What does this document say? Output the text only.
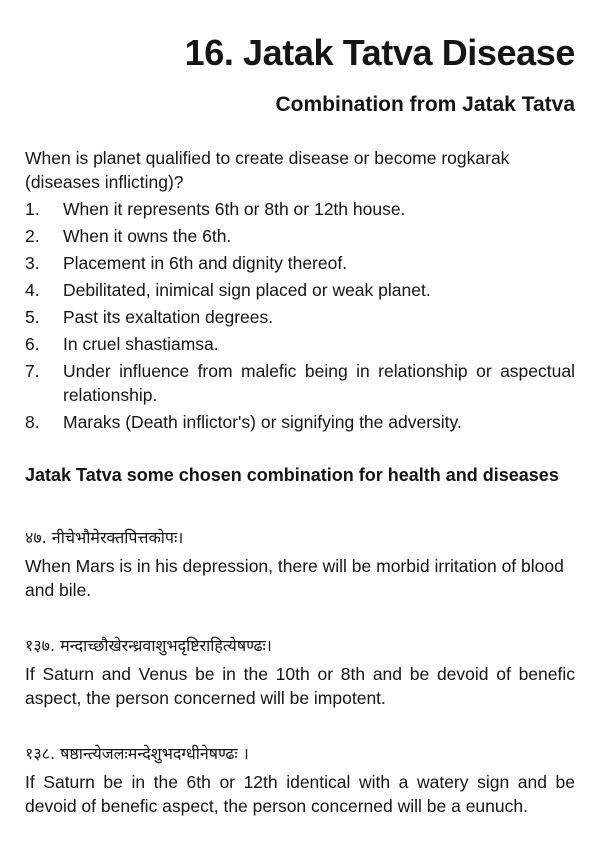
16. Jatak Tatva Disease
Combination from Jatak Tatva

When is planet qualified to create disease or become rogkarak (diseases inflicting)?

1.	When it represents 6th or 8th or 12th house.
2.	When it owns the 6th.
3.	Placement in 6th and dignity thereof.
4.	Debilitated, inimical sign placed or weak planet.
5.	Past its exaltation degrees.
6.	In cruel shastiamsa.
7.	Under influence from malefic being in relationship or aspectual relationship.
8.	Maraks (Death inflictor's) or signifying the adversity.
Jatak Tatva some chosen combination for health and diseases

४७. नीचेभौमेरक्तपित्तकोपः।

When Mars is in his depression, there will be morbid irritation of blood and bile.

१३७. मन्दाच्छौखेरन्ध्रवाशुभदृष्टिराहित्येषण्ढः।

If Saturn and Venus be in the 10th or 8th and be devoid of benefic aspect, the person concerned will be impotent.

१३८. षष्ठान्त्येजलःमन्देशुभदग्धीनेषण्ढः ।

If Saturn be in the 6th or 12th identical with a watery sign and be devoid of benefic aspect, the person concerned will be a eunuch.
